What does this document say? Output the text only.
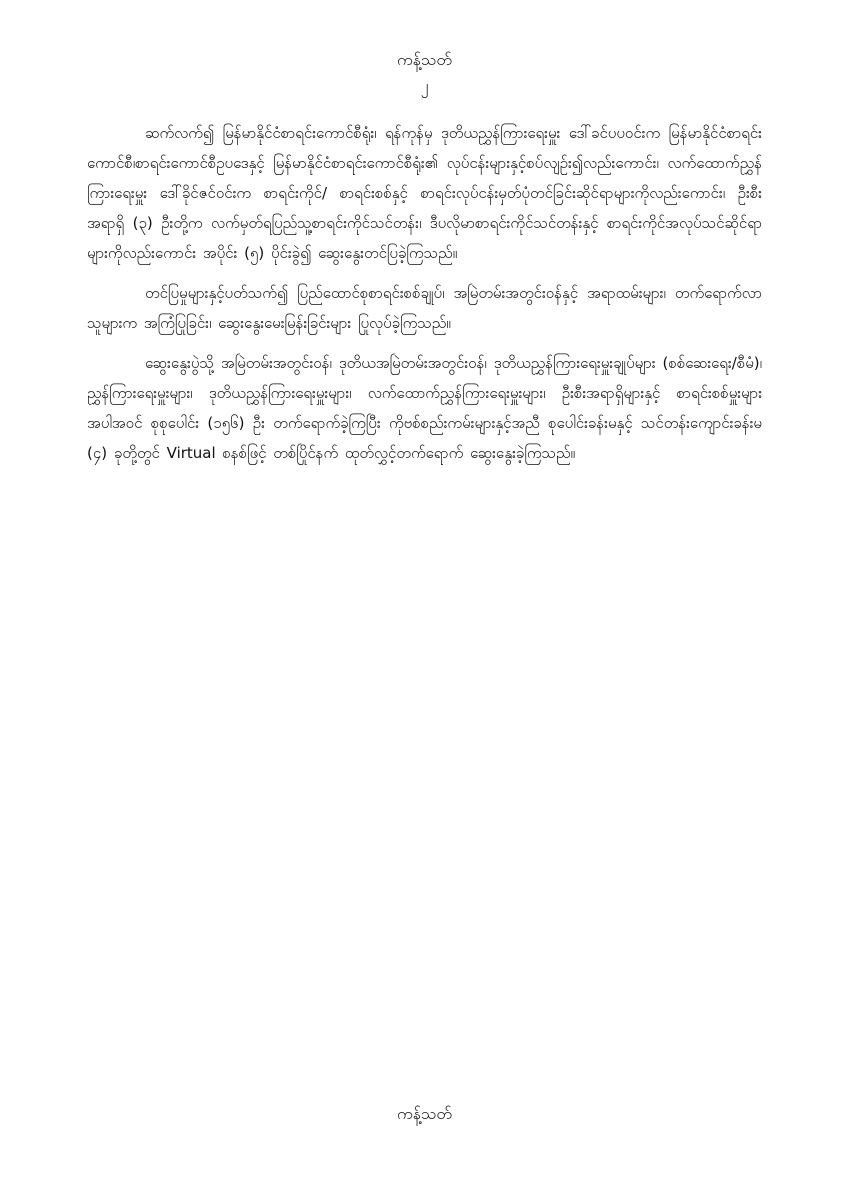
ကန့်သတ်
၂

ဆက်လက်၍ မြန်မာနိုင်ငံစာရင်းကောင်စီရုံး၊ ရန်ကုန်မှ ဒုတိယညွှန်ကြားရေးမှူး ဒေါ်ခင်ပပဝင်းက မြန်မာနိုင်ငံစာရင်းကောင်စီ၊စာရင်းကောင်စီဥပဒေနှင့် မြန်မာနိုင်ငံစာရင်းကောင်စီရုံး၏ လုပ်ငန်းများနှင့်စပ်လျဉ်း၍လည်းကောင်း၊ လက်ထောက်ညွှန်ကြားရေးမှူး ဒေါ်ခိုင်ဇင်ဝင်းက စာရင်းကိုင်/ စာရင်းစစ်နှင့် စာရင်းလုပ်ငန်းမှတ်ပုံတင်ခြင်းဆိုင်ရာများကိုလည်းကောင်း၊ ဦးစီးအရာရှိ (၃) ဦးတို့က လက်မှတ်ရပြည်သူ့စာရင်းကိုင်သင်တန်း၊ ဒီပလိုမာစာရင်းကိုင်သင်တန်းနှင့် စာရင်းကိုင်အလုပ်သင်ဆိုင်ရာများကိုလည်းကောင်း အပိုင်း (၅) ပိုင်းခွဲ၍ ဆွေးနွေးတင်ပြခဲ့ကြသည်။

တင်ပြမှုများနှင့်ပတ်သက်၍ ပြည်ထောင်စုစာရင်းစစ်ချုပ်၊ အမြဲတမ်းအတွင်းဝန်နှင့် အရာထမ်းများ၊ တက်ရောက်လာသူများက အကြံပြုခြင်း၊ ဆွေးနွေးမေးမြန်းခြင်းများ ပြုလုပ်ခဲ့ကြသည်။

ဆွေးနွေးပွဲသို့ အမြဲတမ်းအတွင်းဝန်၊ ဒုတိယအမြဲတမ်းအတွင်းဝန်၊ ဒုတိယညွှန်ကြားရေးမှူးချုပ်များ (စစ်ဆေးရေး/စီမံ)၊ ညွှန်ကြားရေးမှူးများ၊ ဒုတိယညွှန်ကြားရေးမှူးများ၊ လက်ထောက်ညွှန်ကြားရေးမှူးများ၊ ဦးစီးအရာရှိများနှင့် စာရင်းစစ်မှူးများအပါအဝင် စုစုပေါင်း (၁၅၆) ဦး တက်ရောက်ခဲ့ကြပြီး ကိုဗစ်စည်းကမ်းများနှင့်အညီ စုပေါင်းခန်းမနှင့် သင်တန်းကျောင်းခန်းမ (၄) ခုတို့တွင် Virtual စနစ်ဖြင့် တစ်ပြိုင်နက် ထုတ်လွှင့်တက်ရောက် ဆွေးနွေးခဲ့ကြသည်။

ကန့်သတ်
